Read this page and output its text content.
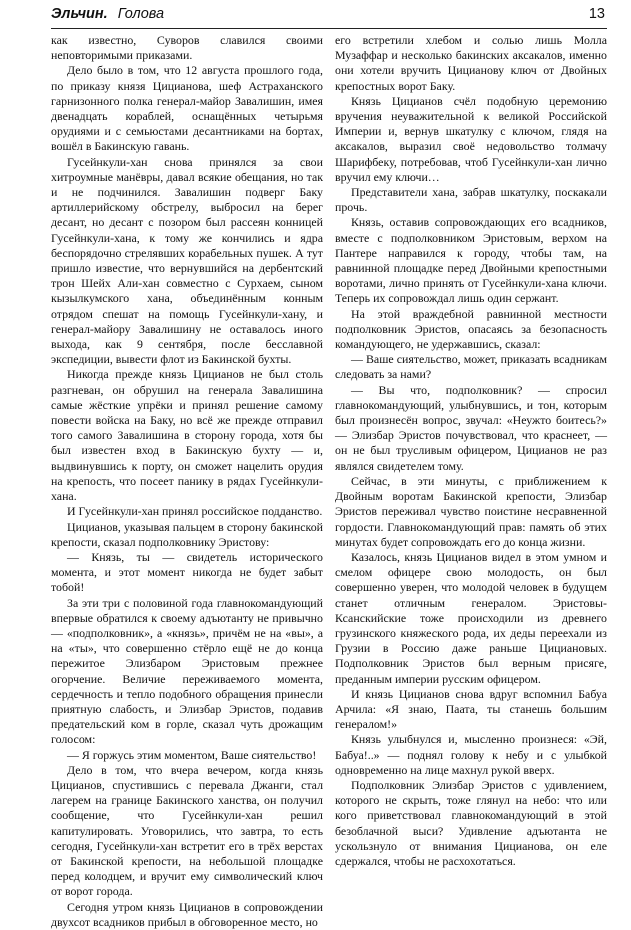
Эльчин. Голова	13

как известно, Суворов славился своими неповторимыми приказами.

Дело было в том, что 12 августа прошлого года, по приказу князя Цицианова, шеф Астраханского гарнизонного полка генерал-майор Завалишин, имея двенадцать кораблей, оснащённых четырьмя орудиями и с семьюстами десантниками на бортах, вошёл в Бакинскую гавань.

Гусейнкули-хан снова принялся за свои хитроумные манёвры, давал всякие обещания, но так и не подчинился. Завалишин подверг Баку артиллерийскому обстрелу, выбросил на берег десант, но десант с позором был рассеян конницей Гусейнкули-хана, к тому же кончились и ядра беспорядочно стрелявших корабельных пушек. А тут пришло известие, что вернувшийся на дербентский трон Шейх Али-хан совместно с Сурхаем, сыном кызылкумского хана, объединённым конным отрядом спешат на помощь Гусейнкули-хану, и генерал-майору Завалишину не оставалось иного выхода, как 9 сентября, после бесславной экспедиции, вывести флот из Бакинской бухты.

Никогда прежде князь Цицианов не был столь разгневан, он обрушил на генерала Завалишина самые жёсткие упрёки и принял решение самому повести войска на Баку, но всё же прежде отправил того самого Завалишина в сторону города, хотя бы был известен вход в Бакинскую бухту — и, выдвинувшись к порту, он сможет нацелить орудия на крепость, что посеет панику в рядах Гусейнкули-хана.

И Гусейнкули-хан принял российское подданство.

Цицианов, указывая пальцем в сторону бакинской крепости, сказал подполковнику Эристову:

— Князь, ты — свидетель исторического момента, и этот момент никогда не будет забыт тобой!

За эти три с половиной года главнокомандующий впервые обратился к своему адъютанту не привычно — «подполковник», а «князь», причём не на «вы», а на «ты», что совершенно стёрло ещё не до конца пережитое Элизбаром Эристовым прежнее огорчение. Величие переживаемого момента, сердечность и тепло подобного обращения принесли приятную слабость, и Элизбар Эристов, подавив предательский ком в горле, сказал чуть дрожащим голосом:

— Я горжусь этим моментом, Ваше сиятельство!

Дело в том, что вчера вечером, когда князь Цицианов, спустившись с перевала Джанги, стал лагерем на границе Бакинского ханства, он получил сообщение, что Гусейнкули-хан решил капитулировать. Уговорились, что завтра, то есть сегодня, Гусейнкули-хан встретит его в трёх верстах от Бакинской крепости, на небольшой площадке перед колодцем, и вручит ему символический ключ от ворот города.

Сегодня утром князь Цицианов в сопровождении двухсот всадников прибыл в обговоренное место, но

его встретили хлебом и солью лишь Молла Музаффар и несколько бакинских аксакалов, именно они хотели вручить Цицианову ключ от Двойных крепостных ворот Баку.

Князь Цицианов счёл подобную церемонию вручения неуважительной к великой Российской Империи и, вернув шкатулку с ключом, глядя на аксакалов, выразил своё недовольство толмачу Шарифбеку, потребовав, чтоб Гусейнкули-хан лично вручил ему ключи…

Представители хана, забрав шкатулку, поскакали прочь.

Князь, оставив сопровождающих его всадников, вместе с подполковником Эристовым, верхом на Пантере направился к городу, чтобы там, на равнинной площадке перед Двойными крепостными воротами, лично принять от Гусейнкули-хана ключи. Теперь их сопровождал лишь один сержант.

На этой враждебной равнинной местности подполковник Эристов, опасаясь за безопасность командующего, не удержавшись, сказал:

— Ваше сиятельство, может, приказать всадникам следовать за нами?

— Вы что, подполковник? — спросил главнокомандующий, улыбнувшись, и тон, которым был произнесён вопрос, звучал: «Неужто боитесь?» — Элизбар Эристов почувствовал, что краснеет, — он не был трусливым офицером, Цицианов не раз являлся свидетелем тому.

Сейчас, в эти минуты, с приближением к Двойным воротам Бакинской крепости, Элизбар Эристов переживал чувство поистине несравненной гордости. Главнокомандующий прав: память об этих минутах будет сопровождать его до конца жизни.

Казалось, князь Цицианов видел в этом умном и смелом офицере свою молодость, он был совершенно уверен, что молодой человек в будущем станет отличным генералом. Эристовы-Ксанскийские тоже происходили из древнего грузинского княжеского рода, их деды переехали из Грузии в Россию даже раньше Цициановых. Подполковник Эристов был верным присяге, преданным империи русским офицером.

И князь Цицианов снова вдруг вспомнил Бабуа Арчила: «Я знаю, Паата, ты станешь большим генералом!»

Князь улыбнулся и, мысленно произнеся: «Эй, Бабуа!..» — поднял голову к небу и с улыбкой одновременно на лице махнул рукой вверх.

Подполковник Элизбар Эристов с удивлением, которого не скрыть, тоже глянул на небо: что или кого приветствовал главнокомандующий в этой безоблачной выси? Удивление адъютанта не ускользнуло от внимания Цицианова, он еле сдержался, чтобы не расхохотаться.
